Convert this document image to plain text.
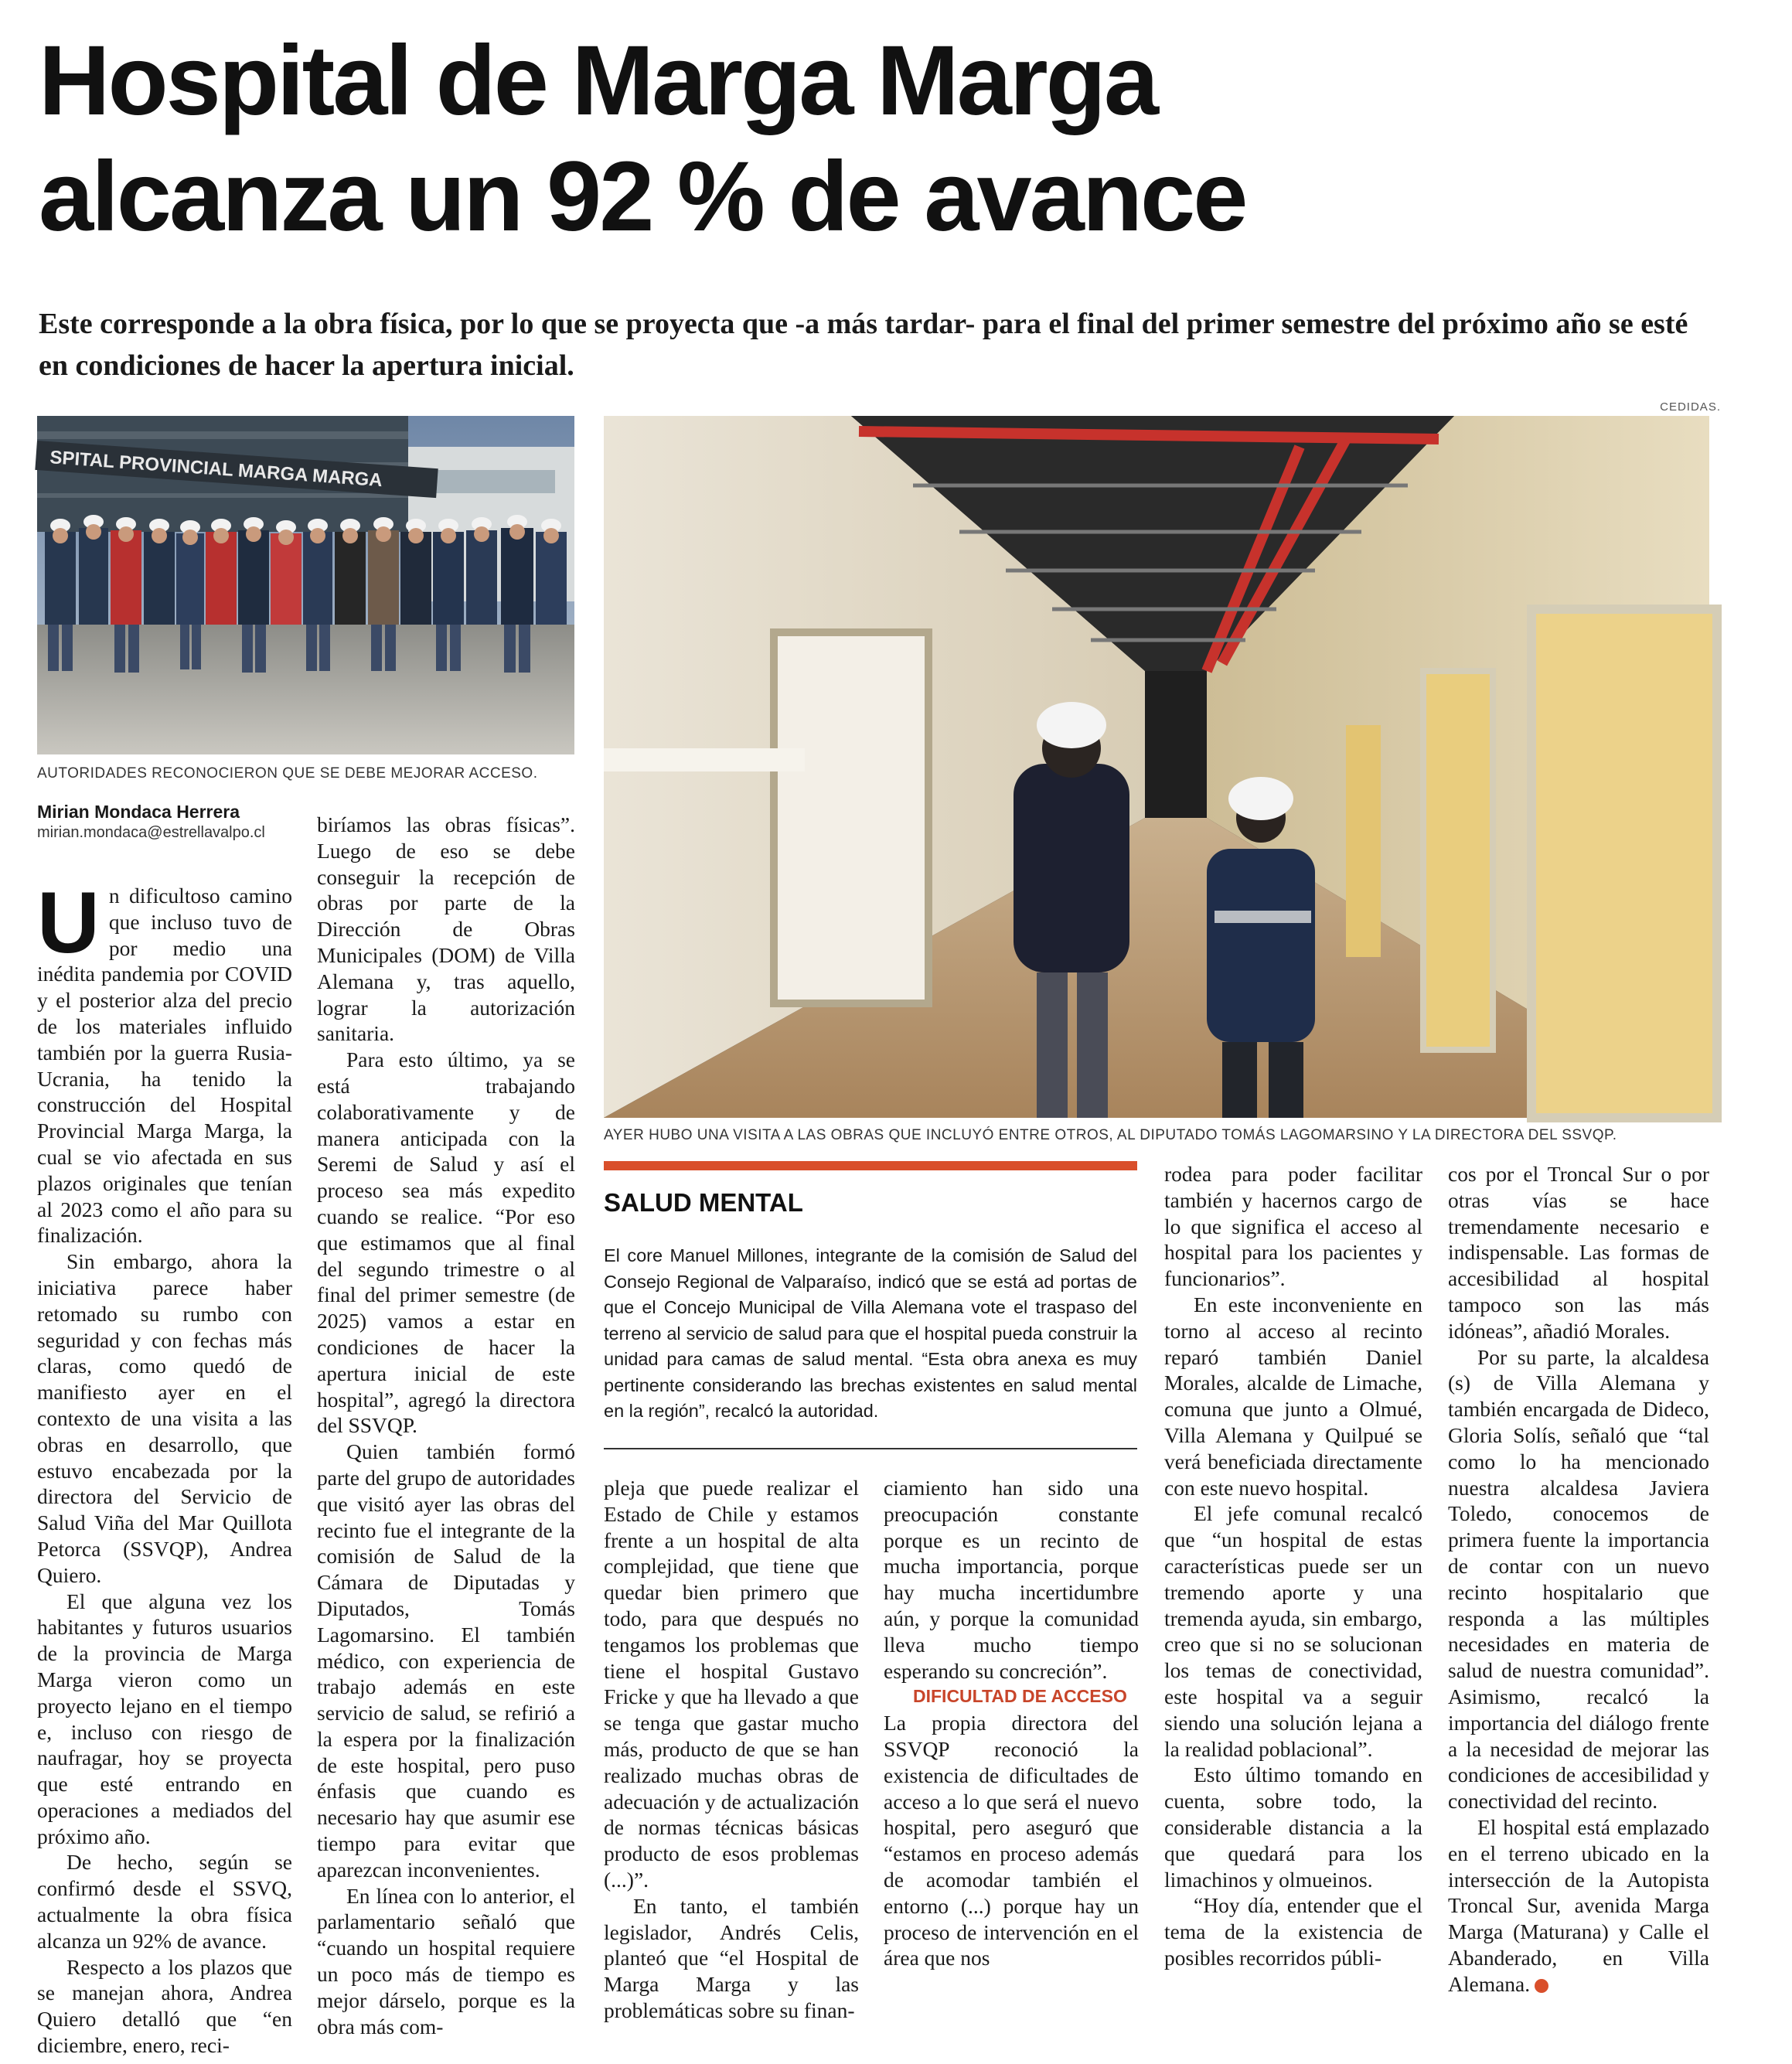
Hospital de Marga Marga
alcanza un 92 % de avance

Este corresponde a la obra física, por lo que se proyecta que -a más tardar- para el final del primer semestre del próximo año se esté en condiciones de hacer la apertura inicial.

CEDIDAS.
SPITAL PROVINCIAL MARGA MARGA
AUTORIDADES RECONOCIERON QUE SE DEBE MEJORAR ACCESO.
AYER HUBO UNA VISITA A LAS OBRAS QUE INCLUYÓ ENTRE OTROS, AL DIPUTADO TOMÁS LAGOMARSINO Y LA DIRECTORA DEL SSVQP.
Mirian Mondaca Herrera
mirian.mondaca@estrellavalpo.cl

Un dificultoso camino que incluso tuvo de por medio una inédita pandemia por COVID y el posterior alza del precio de los materiales influido también por la guerra Rusia-Ucrania, ha tenido la construcción del Hospital Provincial Marga Marga, la cual se vio afectada en sus plazos originales que tenían al 2023 como el año para su finalización.

Sin embargo, ahora la iniciativa parece haber retomado su rumbo con seguridad y con fechas más claras, como quedó de manifiesto ayer en el contexto de una visita a las obras en desarrollo, que estuvo encabezada por la directora del Servicio de Salud Viña del Mar Quillota Petorca (SSVQP), Andrea Quiero.

El que alguna vez los habitantes y futuros usuarios de la provincia de Marga Marga vieron como un proyecto lejano en el tiempo e, incluso con riesgo de naufragar, hoy se proyecta que esté entrando en operaciones a mediados del próximo año.

De hecho, según se confirmó desde el SSVQ, actualmente la obra física alcanza un 92% de avance.

Respecto a los plazos que se manejan ahora, Andrea Quiero detalló que “en diciembre, enero, reci-

biríamos las obras físicas”. Luego de eso se debe conseguir la recepción de obras por parte de la Dirección de Obras Municipales (DOM) de Villa Alemana y, tras aquello, lograr la autorización sanitaria.

Para esto último, ya se está trabajando colaborativamente y de manera anticipada con la Seremi de Salud y así el proceso sea más expedito cuando se realice. “Por eso que estimamos que al final del segundo trimestre o al final del primer semestre (de 2025) vamos a estar en condiciones de hacer la apertura inicial de este hospital”, agregó la directora del SSVQP.

Quien también formó parte del grupo de autoridades que visitó ayer las obras del recinto fue el integrante de la comisión de Salud de la Cámara de Diputadas y Diputados, Tomás Lagomarsino. El también médico, con experiencia de trabajo además en este servicio de salud, se refirió a la espera por la finalización de este hospital, pero puso énfasis que cuando es necesario hay que asumir ese tiempo para evitar que aparezcan inconvenientes.

En línea con lo anterior, el parlamentario señaló que “cuando un hospital requiere un poco más de tiempo es mejor dárselo, porque es la obra más com-

SALUD MENTAL
El core Manuel Millones, integrante de la comisión de Salud del Consejo Regional de Valparaíso, indicó que se está ad portas de que el Concejo Municipal de Villa Alemana vote el traspaso del terreno al servicio de salud para que el hospital pueda construir la unidad para camas de salud mental. “Esta obra anexa es muy pertinente considerando las brechas existentes en salud mental en la región”, recalcó la autoridad.

pleja que puede realizar el Estado de Chile y estamos frente a un hospital de alta complejidad, que tiene que quedar bien primero que todo, para que después no tengamos los problemas que tiene el hospital Gustavo Fricke y que ha llevado a que se tenga que gastar mucho más, producto de que se han realizado muchas obras de adecuación y de actualización de normas técnicas básicas producto de esos problemas (...)”.

En tanto, el también legislador, Andrés Celis, planteó que “el Hospital de Marga Marga y las problemáticas sobre su finan-

ciamiento han sido una preocupación constante porque es un recinto de mucha importancia, porque hay mucha incertidumbre aún, y porque la comunidad lleva mucho tiempo esperando su concreción”.

DIFICULTAD DE ACCESO

La propia directora del SSVQP reconoció la existencia de dificultades de acceso a lo que será el nuevo hospital, pero aseguró que “estamos en proceso además de acomodar también el entorno (...) porque hay un proceso de intervención en el área que nos

rodea para poder facilitar también y hacernos cargo de lo que significa el acceso al hospital para los pacientes y funcionarios”.

En este inconveniente en torno al acceso al recinto reparó también Daniel Morales, alcalde de Limache, comuna que junto a Olmué, Villa Alemana y Quilpué se verá beneficiada directamente con este nuevo hospital.

El jefe comunal recalcó que “un hospital de estas características puede ser un tremendo aporte y una tremenda ayuda, sin embargo, creo que si no se solucionan los temas de conectividad, este hospital va a seguir siendo una solución lejana a la realidad poblacional”.

Esto último tomando en cuenta, sobre todo, la considerable distancia a la que quedará para los limachinos y olmueinos.

“Hoy día, entender que el tema de la existencia de posibles recorridos públi-

cos por el Troncal Sur o por otras vías se hace tremendamente necesario e indispensable. Las formas de accesibilidad al hospital tampoco son las más idóneas”, añadió Morales.

Por su parte, la alcaldesa (s) de Villa Alemana y también encargada de Dideco, Gloria Solís, señaló que “tal como lo ha mencionado nuestra alcaldesa Javiera Toledo, conocemos de primera fuente la importancia de contar con un nuevo recinto hospitalario que responda a las múltiples necesidades en materia de salud de nuestra comunidad”. Asimismo, recalcó la importancia del diálogo frente a la necesidad de mejorar las condiciones de accesibilidad y conectividad del recinto.

El hospital está emplazado en el terreno ubicado en la intersección de la Autopista Troncal Sur, avenida Marga Marga (Maturana) y Calle el Abanderado, en Villa Alemana.
